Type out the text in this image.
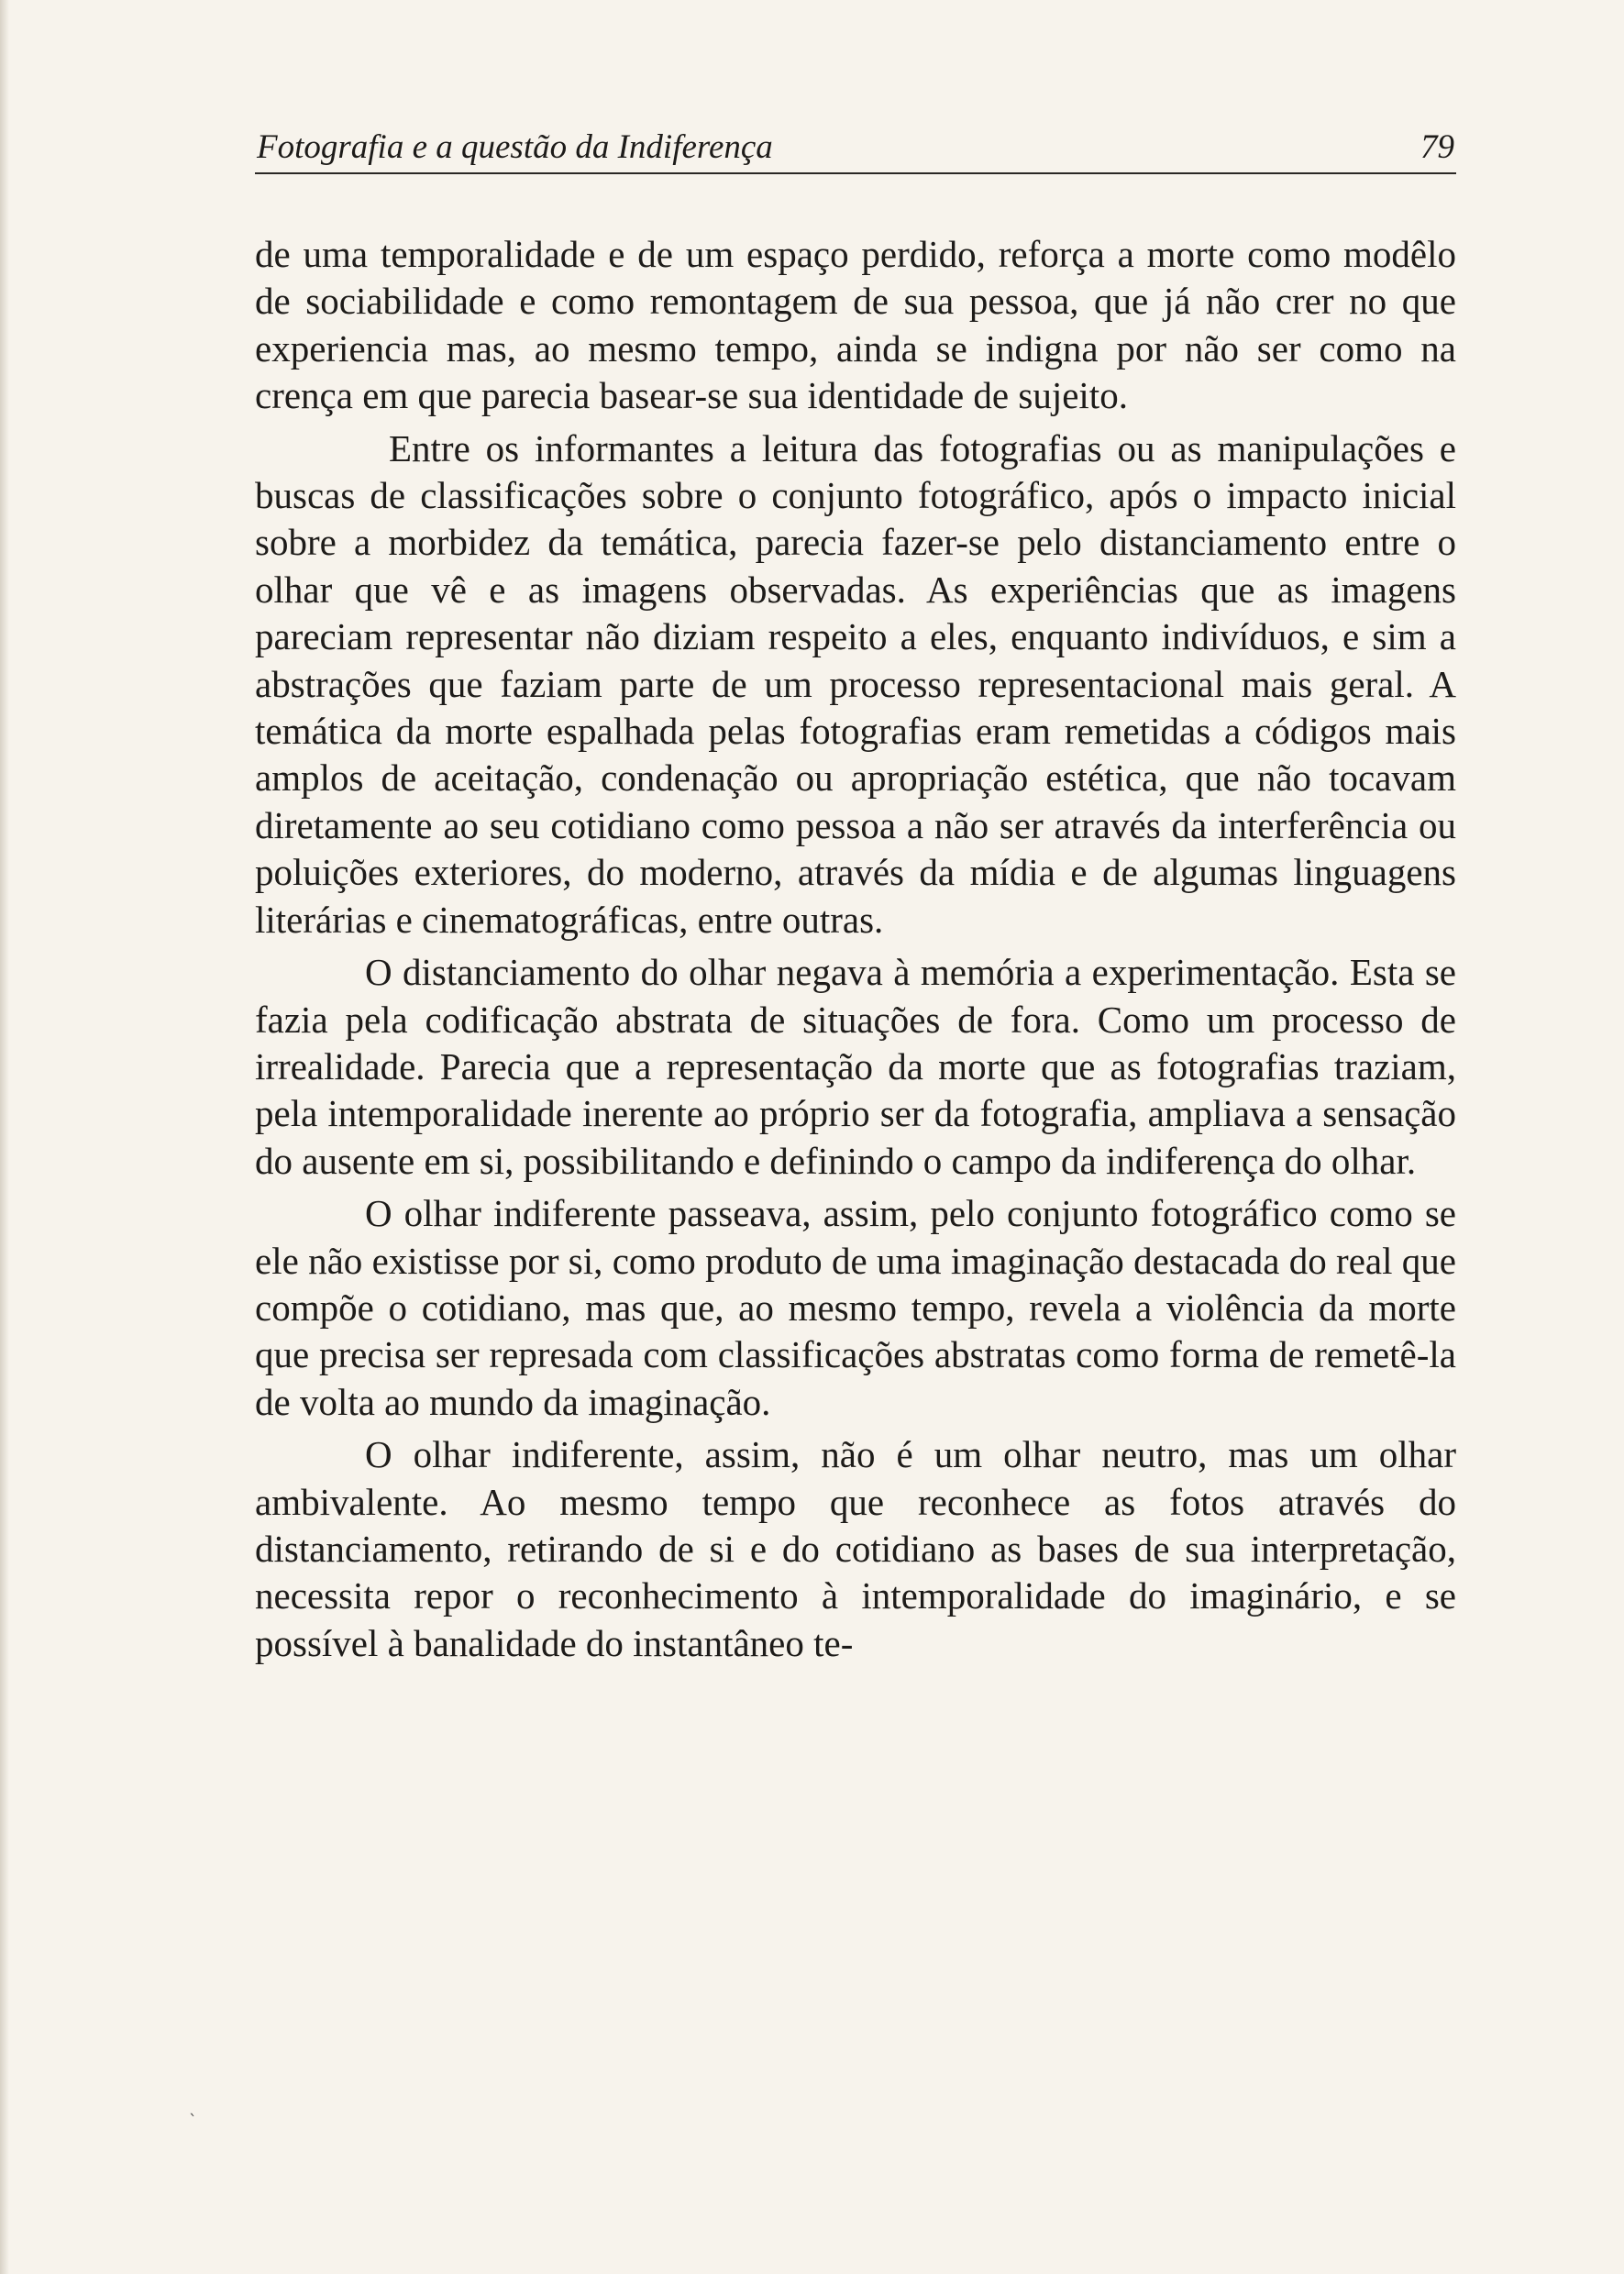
Fotografia e a questão da Indiferença	79

de uma temporalidade e de um espaço perdido, reforça a morte como modêlo de sociabilidade e como remontagem de sua pessoa, que já não crer no que experiencia mas, ao mesmo tempo, ainda se indigna por não ser como na crença em que parecia basear-se sua identidade de sujeito.

Entre os informantes a leitura das fotografias ou as manipulações e buscas de classificações sobre o conjunto fotográfico, após o impacto inicial sobre a morbidez da temática, parecia fazer-se pelo distanciamento entre o olhar que vê e as imagens observadas. As experiências que as imagens pareciam representar não diziam respeito a eles, enquanto indivíduos, e sim a abstrações que faziam parte de um processo representacional mais geral. A temática da morte espalhada pelas fotografias eram remetidas a códigos mais amplos de aceitação, condenação ou apropriação estética, que não tocavam diretamente ao seu cotidiano como pessoa a não ser através da interferência ou poluições exteriores, do moderno, através da mídia e de algumas linguagens literárias e cinematográficas, entre outras.

O distanciamento do olhar negava à memória a experimentação. Esta se fazia pela codificação abstrata de situações de fora. Como um processo de irrealidade. Parecia que a representação da morte que as fotografias traziam, pela intemporalidade inerente ao próprio ser da fotografia, ampliava a sensação do ausente em si, possibilitando e definindo o campo da indiferença do olhar.

O olhar indiferente passeava, assim, pelo conjunto fotográfico como se ele não existisse por si, como produto de uma imaginação destacada do real que compõe o cotidiano, mas que, ao mesmo tempo, revela a violência da morte que precisa ser represada com classificações abstratas como forma de remetê-la de volta ao mundo da imaginação.

O olhar indiferente, assim, não é um olhar neutro, mas um olhar ambivalente. Ao mesmo tempo que reconhece as fotos através do distanciamento, retirando de si e do cotidiano as bases de sua interpretação, necessita repor o reconhecimento à intemporalidade do imaginário, e se possível à banalidade do instantâneo te-

`
